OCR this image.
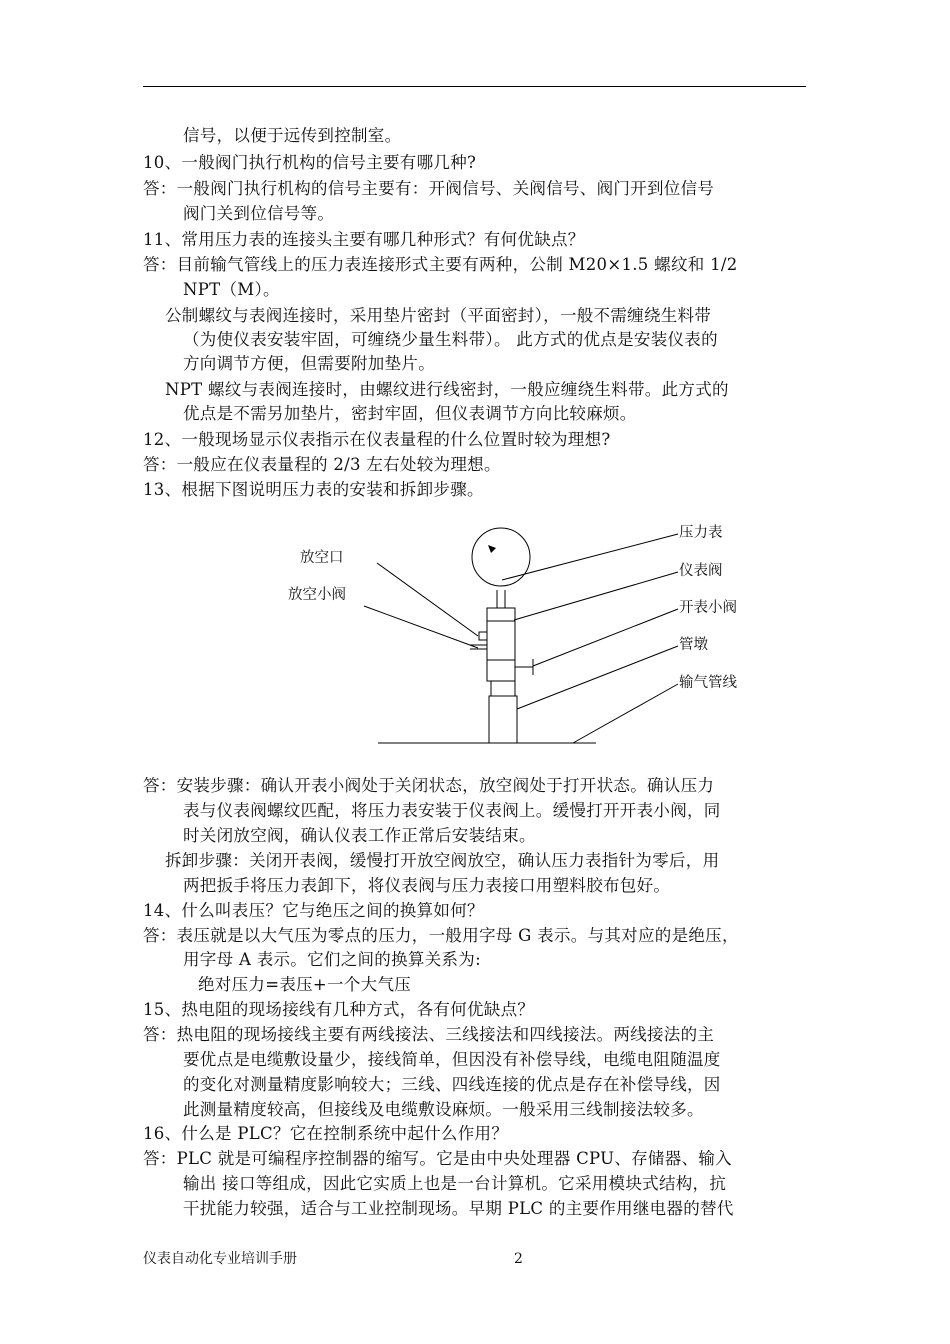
信号，以便于远传到控制室。
10、一般阀门执行机构的信号主要有哪几种?
答：一般阀门执行机构的信号主要有：开阀信号、关阀信号、阀门开到位信号
阀门关到位信号等。
11、常用压力表的连接头主要有哪几种形式？有何优缺点？
答：目前输气管线上的压力表连接形式主要有两种，公制 M20×1.5 螺纹和 1/2
NPT（M）。
公制螺纹与表阀连接时，采用垫片密封（平面密封），一般不需缠绕生料带
（为使仪表安装牢固，可缠绕少量生料带）。 此方式的优点是安装仪表的
方向调节方便，但需要附加垫片。
NPT 螺纹与表阀连接时，由螺纹进行线密封，一般应缠绕生料带。此方式的
优点是不需另加垫片，密封牢固，但仪表调节方向比较麻烦。
12、一般现场显示仪表指示在仪表量程的什么位置时较为理想?
答：一般应在仪表量程的 2/3 左右处较为理想。
13、根据下图说明压力表的安装和拆卸步骤。
放空口
放空小阀
压力表
仪表阀
开表小阀
管墩
输气管线
答：安装步骤：确认开表小阀处于关闭状态，放空阀处于打开状态。确认压力
表与仪表阀螺纹匹配，将压力表安装于仪表阀上。缓慢打开开表小阀，同
时关闭放空阀，确认仪表工作正常后安装结束。
拆卸步骤：关闭开表阀，缓慢打开放空阀放空，确认压力表指针为零后，用
两把扳手将压力表卸下，将仪表阀与压力表接口用塑料胶布包好。
14、什么叫表压？它与绝压之间的换算如何？
答：表压就是以大气压为零点的压力，一般用字母 G 表示。与其对应的是绝压，
用字母 A 表示。它们之间的换算关系为:
绝对压力=表压+一个大气压
15、热电阻的现场接线有几种方式，各有何优缺点？
答：热电阻的现场接线主要有两线接法、三线接法和四线接法。两线接法的主
要优点是电缆敷设量少，接线简单，但因没有补偿导线，电缆电阻随温度
的变化对测量精度影响较大；三线、四线连接的优点是存在补偿导线，因
此测量精度较高，但接线及电缆敷设麻烦。一般采用三线制接法较多。
16、什么是 PLC？它在控制系统中起什么作用？
答：PLC 就是可编程序控制器的缩写。它是由中央处理器 CPU、存储器、输入
输出 接口等组成，因此它实质上也是一台计算机。它采用模块式结构，抗
干扰能力较强，适合与工业控制现场。早期 PLC 的主要作用继电器的替代
仪表自动化专业培训手册	2
